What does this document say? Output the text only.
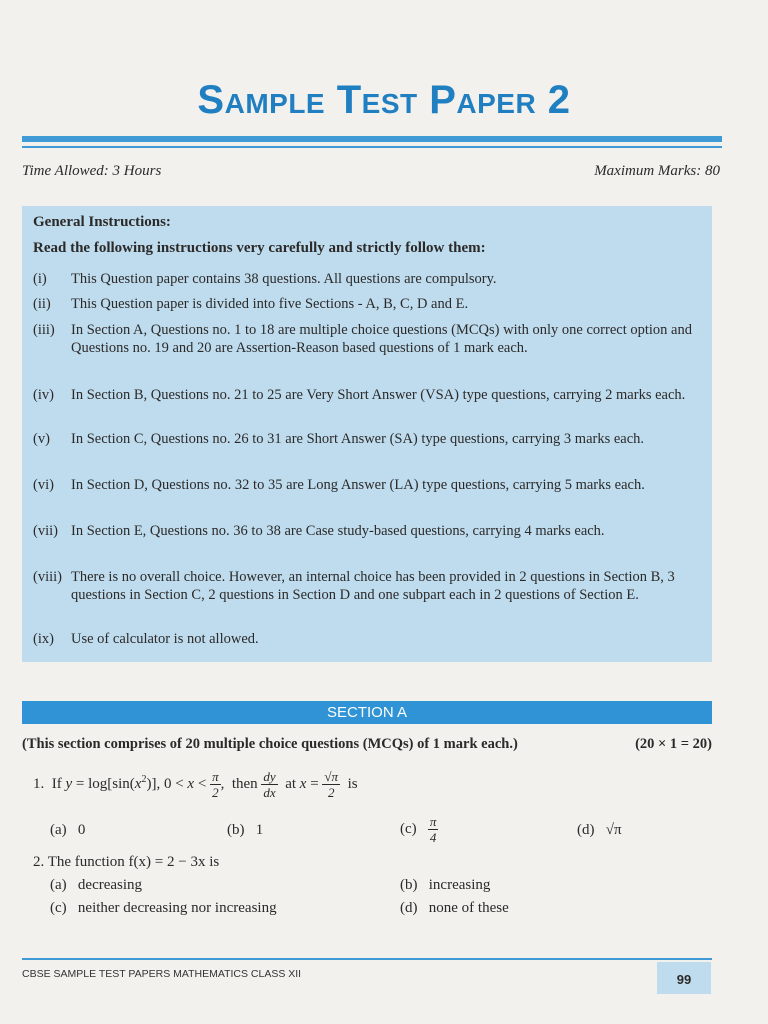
Sample Test Paper 2
Time Allowed: 3 Hours	Maximum Marks: 80
General Instructions:
Read the following instructions very carefully and strictly follow them:
(i)	This Question paper contains 38 questions. All questions are compulsory.
(ii)	This Question paper is divided into five Sections - A, B, C, D and E.
(iii)	In Section A, Questions no. 1 to 18 are multiple choice questions (MCQs) with only one correct option and Questions no. 19 and 20 are Assertion-Reason based questions of 1 mark each.
(iv)	In Section B, Questions no. 21 to 25 are Very Short Answer (VSA) type questions, carrying 2 marks each.
(v)	In Section C, Questions no. 26 to 31 are Short Answer (SA) type questions, carrying 3 marks each.
(vi)	In Section D, Questions no. 32 to 35 are Long Answer (LA) type questions, carrying 5 marks each.
(vii) In Section E, Questions no. 36 to 38 are Case study-based questions, carrying 4 marks each.
(viii) There is no overall choice. However, an internal choice has been provided in 2 questions in Section B, 3 questions in Section C, 2 questions in Section D and one subpart each in 2 questions of Section E.
(ix)	Use of calculator is not allowed.
SECTION A
(This section comprises of 20 multiple choice questions (MCQs) of 1 mark each.)	(20 × 1 = 20)
1.  If $y = \log[\sin(x^2)]$, $0 < x < \frac{\pi}{2}$ ,  then $\frac{dy}{dx}$ at $x = \frac{√\pi}{2}$ is
(a) 0	(b) 1	$(c) \frac{\pi}{4}$	(d) √π
2. The function f(x) = 2 − 3x is
(a) decreasing	(b) increasing
(c) neither decreasing nor increasing	(d) none of these
CBSE SAMPLE TEST PAPERS MATHEMATICS CLASS XII	99
